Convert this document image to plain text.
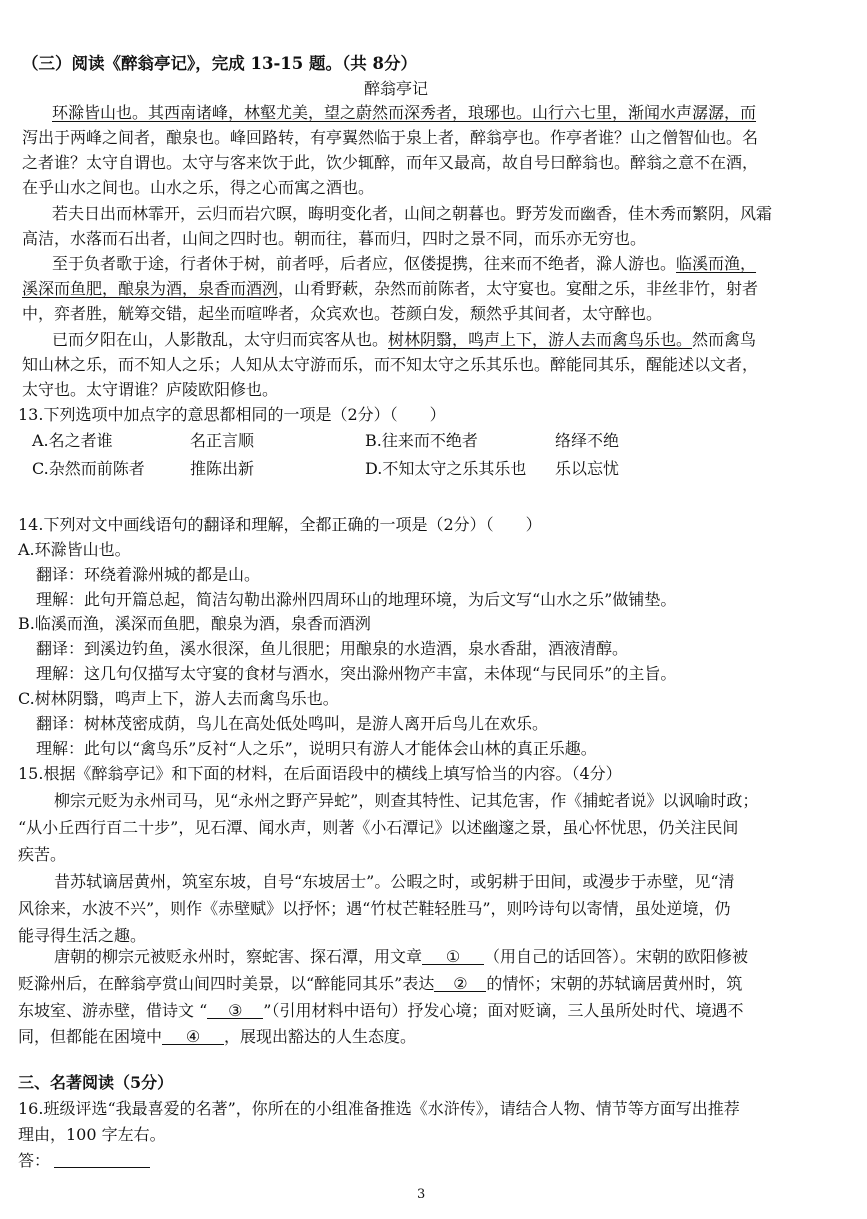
（三）阅读《醉翁亭记》，完成 13-15 题。（共 8分）
醉翁亭记
环滁皆山也。其西南诸峰，林壑尤美，望之蔚然而深秀者，琅琊也。山行六七里，渐闻水声潺潺，而
泻出于两峰之间者，酿泉也。峰回路转，有亭翼然临于泉上者，醉翁亭也。作亭者谁？山之僧智仙也。名
之者谁？太守自谓也。太守与客来饮于此，饮少辄醉，而年又最高，故自号曰醉翁也。醉翁之意不在酒，
在乎山水之间也。山水之乐，得之心而寓之酒也。
若夫日出而林霏开，云归而岩穴暝，晦明变化者，山间之朝暮也。野芳发而幽香，佳木秀而繁阴，风霜
高洁，水落而石出者，山间之四时也。朝而往，暮而归，四时之景不同，而乐亦无穷也。
至于负者歌于途，行者休于树，前者呼，后者应，伛偻提携，往来而不绝者，滁人游也。临溪而渔，
溪深而鱼肥，酿泉为酒，泉香而酒洌，山肴野蔌，杂然而前陈者，太守宴也。宴酣之乐，非丝非竹，射者
中，弈者胜，觥筹交错，起坐而喧哗者，众宾欢也。苍颜白发，颓然乎其间者，太守醉也。
已而夕阳在山，人影散乱，太守归而宾客从也。树林阴翳，鸣声上下，游人去而禽鸟乐也。然而禽鸟
知山林之乐，而不知人之乐；人知从太守游而乐，而不知太守之乐其乐也。醉能同其乐，醒能述以文者，
太守也。太守谓谁？庐陵欧阳修也。
13.下列选项中加点字的意思都相同的一项是（2分）（　　）
A.名之者谁	名正言顺	B.往来而不绝者	络绎不绝
C.杂然而前陈者	推陈出新	D.不知太守之乐其乐也 乐以忘忧
14.下列对文中画线语句的翻译和理解，全都正确的一项是（2分）（　　）
A.环滁皆山也。
翻译：环绕着滁州城的都是山。
理解：此句开篇总起，简洁勾勒出滁州四周环山的地理环境，为后文写“山水之乐”做铺垫。
B.临溪而渔，溪深而鱼肥，酿泉为酒，泉香而酒洌
翻译：到溪边钓鱼，溪水很深，鱼儿很肥；用酿泉的水造酒，泉水香甜，酒液清醇。
理解：这几句仅描写太守宴的食材与酒水，突出滁州物产丰富，未体现“与民同乐”的主旨。
C.树林阴翳，鸣声上下，游人去而禽鸟乐也。
翻译：树林茂密成荫，鸟儿在高处低处鸣叫，是游人离开后鸟儿在欢乐。
理解：此句以“禽鸟乐”反衬“人之乐”，说明只有游人才能体会山林的真正乐趣。
15.根据《醉翁亭记》和下面的材料，在后面语段中的横线上填写恰当的内容。（4分）
柳宗元贬为永州司马，见“永州之野产异蛇”，则查其特性、记其危害，作《捕蛇者说》以讽喻时政；
“从小丘西行百二十步”，见石潭、闻水声，则著《小石潭记》以述幽邃之景，虽心怀忧思，仍关注民间
疾苦。
昔苏轼谪居黄州，筑室东坡，自号“东坡居士”。公暇之时，或躬耕于田间，或漫步于赤壁，见“清
风徐来，水波不兴”，则作《赤壁赋》以抒怀；遇“竹杖芒鞋轻胜马”，则吟诗句以寄情，虽处逆境，仍
能寻得生活之趣。
唐朝的柳宗元被贬永州时，察蛇害、探石潭，用文章 ① （用自己的话回答）。宋朝的欧阳修被
贬滁州后，在醉翁亭赏山间四时美景，以“醉能同其乐”表达 ② 的情怀；宋朝的苏轼谪居黄州时，筑
东坡室、游赤壁，借诗文 “ ③ ”（引用材料中语句）抒发心境；面对贬谪，三人虽所处时代、境遇不
同，但都能在困境中 ④ ，展现出豁达的人生态度。
三、名著阅读（5分）
16.班级评选“我最喜爱的名著”，你所在的小组准备推选《水浒传》，请结合人物、情节等方面写出推荐
理由，100 字左右。
答：
3
